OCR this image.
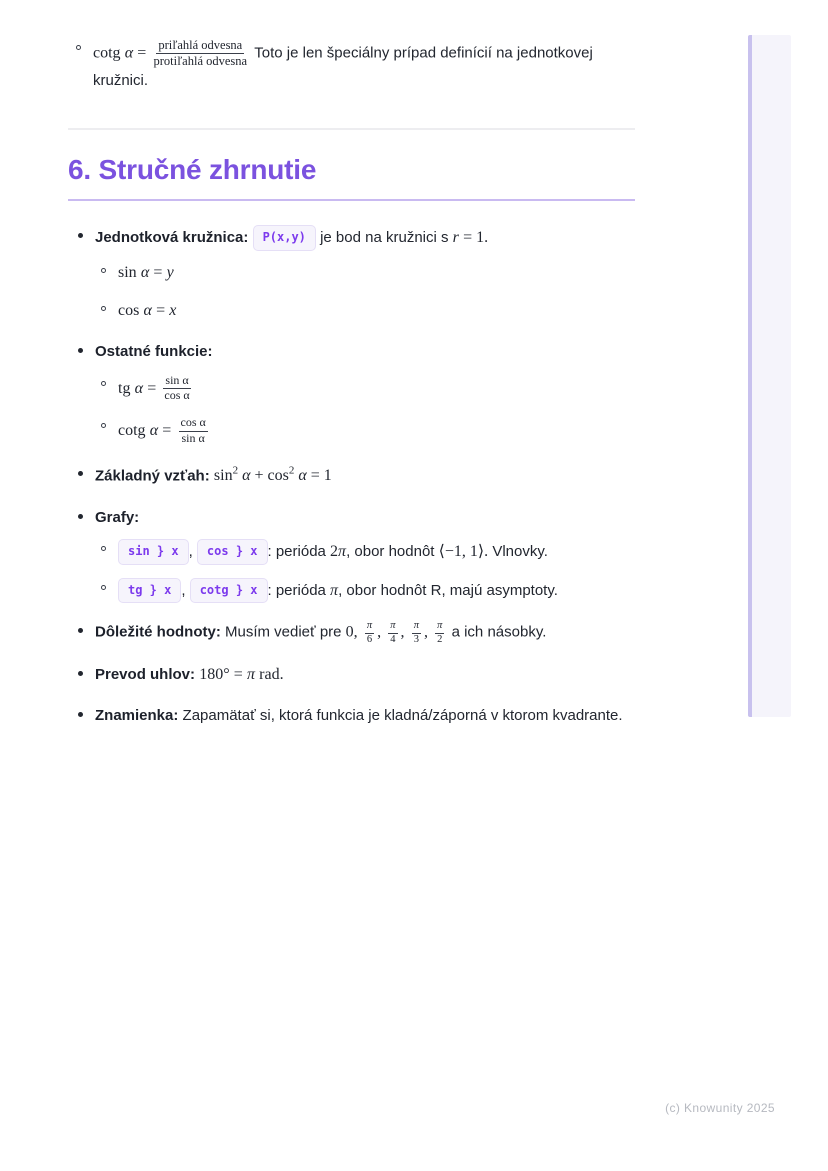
cotg $\alpha = \frac{\text{priľahlá odvesna}}{\text{protiľahlá odvesna}}$ Toto je len špeciálny prípad definícií na jednotkovej kružnici.
6. Stručné zhrnutie
Jednotková kružnica: P(x,y) je bod na kružnici s r = 1.
sin α = y
cos α = x
Ostatné funkcie:
tg $\alpha = \frac{\text{sin α}}{\text{cos α}}$
cotg $\alpha = \frac{\text{cos α}}{\text{sin α}}$
Základný vzťah: $\sin^2 \alpha + \cos^2 \alpha = 1$
Grafy:
sin } x , cos } x : perióda 2π, obor hodnôt ⟨−1, 1⟩. Vlnovky.
tg } x , cotg } x : perióda π, obor hodnôt R, majú asymptoty.
Dôležité hodnoty: Musím vedieť pre 0, $\frac{\pi}{6}$ , $\frac{\pi}{4}$ , $\frac{\pi}{3}$ , $\frac{\pi}{2}$ a ich násobky.
Prevod uhlov: 180° = π rad.
Znamienka: Zapamätať si, ktorá funkcia je kladná/záporná v ktorom kvadrante.
(c) Knowunity 2025
